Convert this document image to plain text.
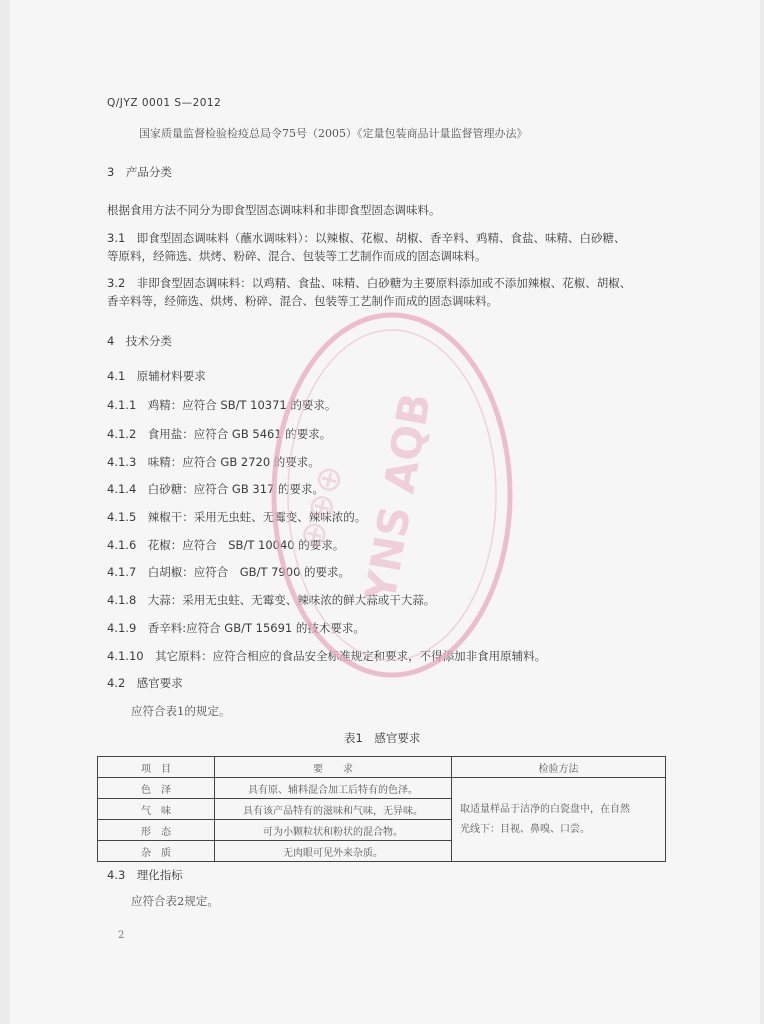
Q/JYZ 0001 S—2012
国家质量监督检验检疫总局令75号（2005）《定量包装商品计量监督管理办法》
3　产品分类
根据食用方法不同分为即食型固态调味料和非即食型固态调味料。
3.1　即食型固态调味料（蘸水调味料）：以辣椒、花椒、胡椒、香辛料、鸡精、食盐、味精、白砂糖、
等原料，经筛选、烘烤、粉碎、混合、包装等工艺制作而成的固态调味料。
3.2　非即食型固态调味料：以鸡精、食盐、味精、白砂糖为主要原料添加或不添加辣椒、花椒、胡椒、
香辛料等，经筛选、烘烤、粉碎、混合、包装等工艺制作而成的固态调味料。
4　技术分类
4.1　原辅材料要求
4.1.1　鸡精：应符合 SB/T 10371 的要求。
4.1.2　食用盐：应符合 GB 5461 的要求。
4.1.3　味精：应符合 GB 2720 的要求。
4.1.4　白砂糖：应符合 GB 317 的要求。
4.1.5　辣椒干：采用无虫蛀、无霉变、辣味浓的。
4.1.6　花椒：应符合　SB/T 10040 的要求。
4.1.7　白胡椒：应符合　GB/T 7900 的要求。
4.1.8　大蒜：采用无虫蛀、无霉变、辣味浓的鲜大蒜或干大蒜。
4.1.9　香辛料:应符合 GB/T 15691 的技术要求。
4.1.10　其它原料：应符合相应的食品安全标准规定和要求，不得添加非食用原辅料。
4.2　感官要求
应符合表1的规定。
表1　感官要求
项　目	要　　求	检验方法
色　泽	具有原、辅料混合加工后特有的色泽。	取适量样品于洁净的白瓷盘中，在自然
光线下：目视、鼻嗅、口尝。

气　味	具有该产品特有的滋味和气味，无异味。	
形　态	可为小颗粒状和粉状的混合物。	
杂　质	无肉眼可见外来杂质。	
4.3　理化指标
应符合表2规定。
2
YNS AQB
⊕⊕⊕
